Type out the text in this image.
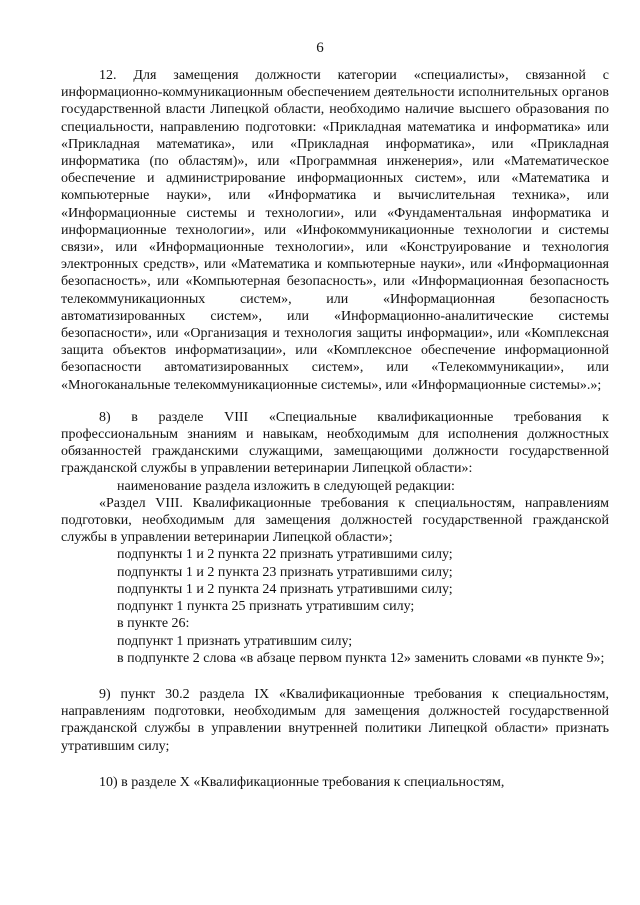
6

12. Для замещения должности категории «специалисты», связанной с информационно-коммуникационным обеспечением деятельности исполнительных органов государственной власти Липецкой области, необходимо наличие высшего образования по специальности, направлению подготовки: «Прикладная математика и информатика» или «Прикладная математика», или «Прикладная информатика», или «Прикладная информатика (по областям)», или «Программная инженерия», или «Математическое обеспечение и администрирование информационных систем», или «Математика и компьютерные науки», или «Информатика и вычислительная техника», или «Информационные системы и технологии», или «Фундаментальная информатика и информационные технологии», или «Инфокоммуникационные технологии и системы связи», или «Информационные технологии», или «Конструирование и технология электронных средств», или «Математика и компьютерные науки», или «Информационная безопасность», или «Компьютерная безопасность», или «Информационная безопасность телекоммуникационных систем», или «Информационная безопасность автоматизированных систем», или «Информационно-аналитические системы безопасности», или «Организация и технология защиты информации», или «Комплексная защита объектов информатизации», или «Комплексное обеспечение информационной безопасности автоматизированных систем», или «Телекоммуникации», или «Многоканальные телекоммуникационные системы», или «Информационные системы».»;

8) в разделе VIII «Специальные квалификационные требования к профессиональным знаниям и навыкам, необходимым для исполнения должностных обязанностей гражданскими служащими, замещающими должности государственной гражданской службы в управлении ветеринарии Липецкой области»:

наименование раздела изложить в следующей редакции:

«Раздел VIII. Квалификационные требования к специальностям, направлениям подготовки, необходимым для замещения должностей государственной гражданской службы в управлении ветеринарии Липецкой области»;

подпункты 1 и 2 пункта 22 признать утратившими силу;

подпункты 1 и 2 пункта 23 признать утратившими силу;

подпункты 1 и 2 пункта 24 признать утратившими силу;

подпункт 1 пункта 25 признать утратившим силу;

в пункте 26:

подпункт 1 признать утратившим силу;

в подпункте 2 слова «в абзаце первом пункта 12» заменить словами «в пункте 9»;

9) пункт 30.2 раздела IX «Квалификационные требования к специальностям, направлениям подготовки, необходимым для замещения должностей государственной гражданской службы в управлении внутренней политики Липецкой области» признать утратившим силу;

10) в разделе X «Квалификационные требования к специальностям,
